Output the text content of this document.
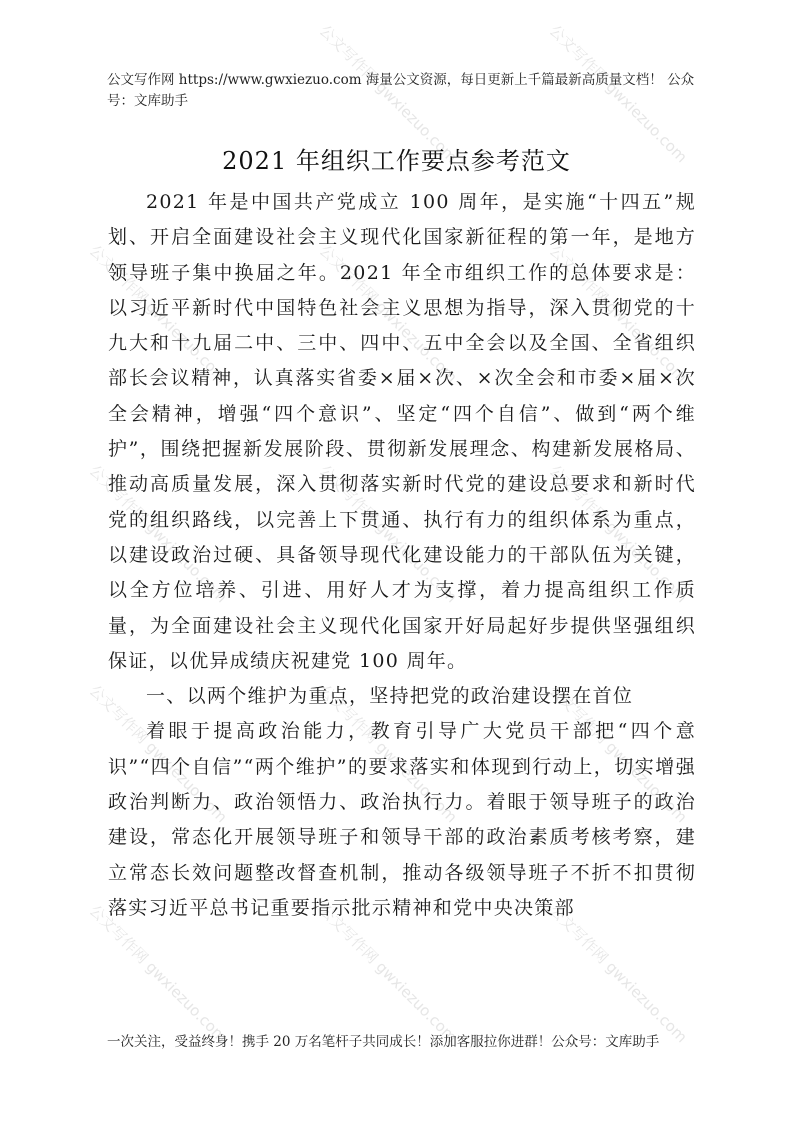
公文写作网 gwxiezuo.com	公文写作网 gwxiezuo.com
公文写作网 gwxiezuo.com	公文写作网 gwxiezuo.com	公文写作网 gwxiezuo.com
公文写作网 gwxiezuo.com	公文写作网 gwxiezuo.com	公文写作网 gwxiezuo.com
公文写作网 gwxiezuo.com	公文写作网 gwxiezuo.com	公文写作网 gwxiezuo.com
公文写作网 gwxiezuo.com	公文写作网 gwxiezuo.com	公文写作网 gwxiezuo.com
公文写作网 https://www.gwxiezuo.com 海量公文资源，每日更新上千篇最新高质量文档！ 公众号：文库助手
2021 年组织工作要点参考范文

2021 年是中国共产党成立 100 周年，是实施“十四五”规划、开启全面建设社会主义现代化国家新征程的第一年，是地方领导班子集中换届之年。2021 年全市组织工作的总体要求是：以习近平新时代中国特色社会主义思想为指导，深入贯彻党的十九大和十九届二中、三中、四中、五中全会以及全国、全省组织部长会议精神，认真落实省委×届×次、×次全会和市委×届×次全会精神，增强“四个意识”、坚定“四个自信”、做到“两个维护”，围绕把握新发展阶段、贯彻新发展理念、构建新发展格局、推动高质量发展，深入贯彻落实新时代党的建设总要求和新时代党的组织路线，以完善上下贯通、执行有力的组织体系为重点，以建设政治过硬、具备领导现代化建设能力的干部队伍为关键，以全方位培养、引进、用好人才为支撑，着力提高组织工作质量，为全面建设社会主义现代化国家开好局起好步提供坚强组织保证，以优异成绩庆祝建党 100 周年。

一、以两个维护为重点，坚持把党的政治建设摆在首位

着眼于提高政治能力，教育引导广大党员干部把“四个意识”“四个自信”“两个维护”的要求落实和体现到行动上，切实增强政治判断力、政治领悟力、政治执行力。着眼于领导班子的政治建设，常态化开展领导班子和领导干部的政治素质考核考察，建立常态长效问题整改督查机制，推动各级领导班子不折不扣贯彻落实习近平总书记重要指示批示精神和党中央决策部

一次关注，受益终身！携手 20 万名笔杆子共同成长！添加客服拉你进群！公众号：文库助手
